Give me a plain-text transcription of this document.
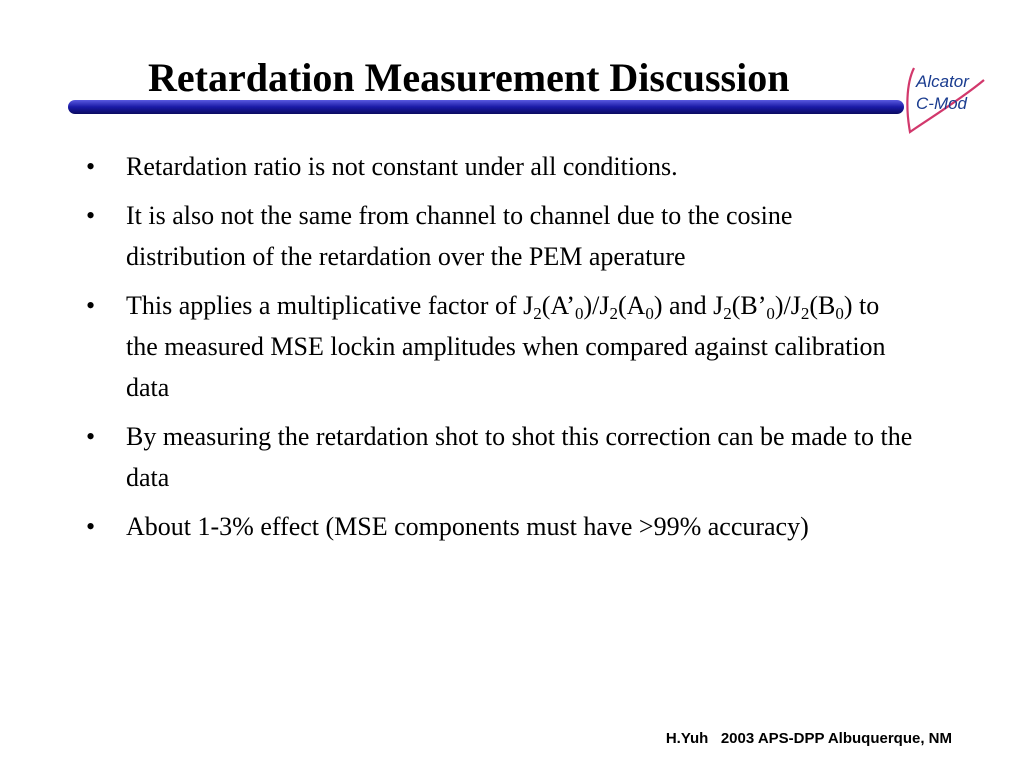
Retardation Measurement Discussion	Alcator
C-Mod
• Retardation ratio is not constant under all conditions.
• It is also not the same from channel to channel due to the cosine distribution of the retardation over the PEM aperature
• This applies a multiplicative factor of $J_2(A’_0)/J_2(A_0)$ and $J_2(B’_0)/J_2(B_0)$ to the measured MSE lockin amplitudes when compared against calibration data
• By measuring the retardation shot to shot this correction can be made to the data
• About 1-3% effect (MSE components must have >99% accuracy)
H.Yuh   2003 APS-DPP Albuquerque, NM
